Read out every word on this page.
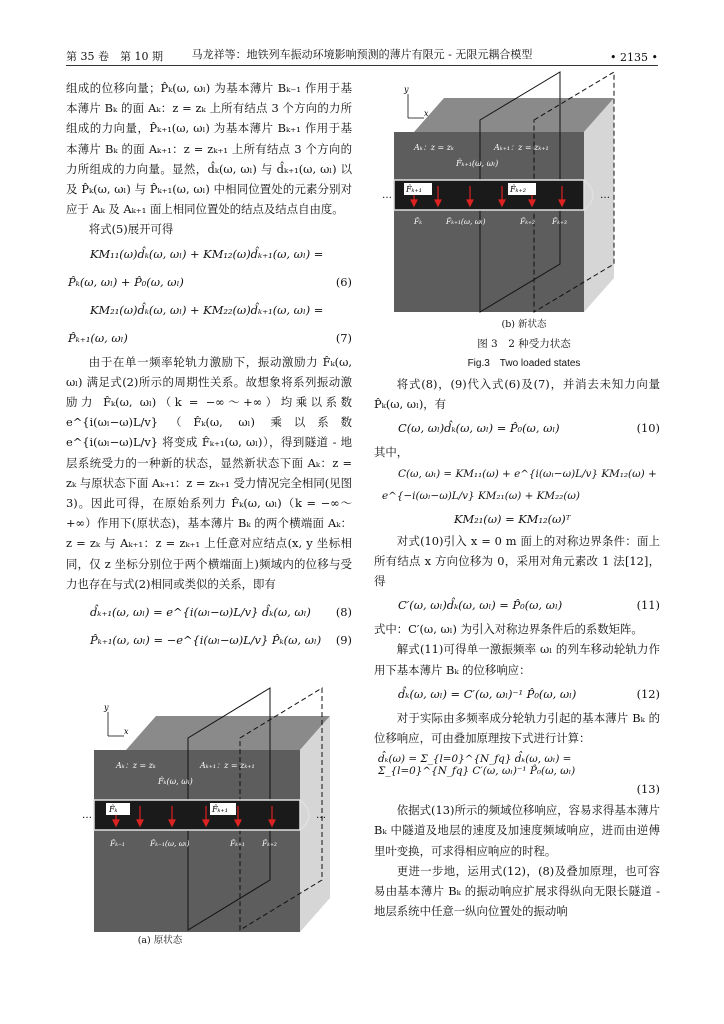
第 35 卷　第 10 期	马龙祥等：地铁列车振动环境影响预测的薄片有限元 - 无限元耦合模型	• 2135 •

组成的位移向量；P̂ₖ(ω, ωₗ) 为基本薄片 Bₖ₋₁ 作用于基本薄片 Bₖ 的面 Aₖ：z = zₖ 上所有结点 3 个方向的力所组成的力向量，P̂ₖ₊₁(ω, ωₗ) 为基本薄片 Bₖ₊₁ 作用于基本薄片 Bₖ 的面 Aₖ₊₁：z = zₖ₊₁ 上所有结点 3 个方向的力所组成的力向量。显然，d̂ₖ(ω, ωₗ) 与 d̂ₖ₊₁(ω, ωₗ) 以及 P̂ₖ(ω, ωₗ) 与 P̂ₖ₊₁(ω, ωₗ) 中相同位置处的元素分别对应于 Aₖ 及 Aₖ₊₁ 面上相同位置处的结点及结点自由度。

将式(5)展开可得

KM₁₁(ω)d̂ₖ(ω, ωₗ) + KM₁₂(ω)d̂ₖ₊₁(ω, ωₗ) =
P̂ₖ(ω, ωₗ) + P̂₀(ω, ωₗ)	(6)
KM₂₁(ω)d̂ₖ(ω, ωₗ) + KM₂₂(ω)d̂ₖ₊₁(ω, ωₗ) =
P̂ₖ₊₁(ω, ωₗ)	(7)

由于在单一频率轮轨力激励下，振动激励力 F̂ₖ(ω, ωₗ) 满足式(2)所示的周期性关系。故想象将系列振动激励力 F̂ₖ(ω, ωₗ)（k = −∞～+∞）均乘以系数 e^{i(ωₗ−ω)L/v}（F̂ₖ(ω, ωₗ) 乘以系数 e^{i(ωₗ−ω)L/v} 将变成 F̂ₖ₊₁(ω, ωₗ)），得到隧道 - 地层系统受力的一种新的状态，显然新状态下面 Aₖ：z = zₖ 与原状态下面 Aₖ₊₁：z = zₖ₊₁ 受力情况完全相同(见图 3)。因此可得，在原始系列力 F̂ₖ(ω, ωₗ)（k = −∞～+∞）作用下(原状态)，基本薄片 Bₖ 的两个横端面 Aₖ：z = zₖ 与 Aₖ₊₁：z = zₖ₊₁ 上任意对应结点(x, y 坐标相同，仅 z 坐标分别位于两个横端面上)频域内的位移与受力也存在与式(2)相同或类似的关系，即有

d̂ₖ₊₁(ω, ωₗ) = e^{i(ωₗ−ω)L/v} d̂ₖ(ω, ωₗ)	(8)
P̂ₖ₊₁(ω, ωₗ) = −e^{i(ωₗ−ω)L/v} P̂ₖ(ω, ωₗ)	(9)
F̂ₖ	F̂ₖ₊₁
y
x
Aₖ：z = zₖ	Aₖ₊₁：z = zₖ₊₁
F̂ₖ(ω, ωₗ)
…	…
F̂ₖ₋₁	F̂ₖ₋₁(ω, ωₗ)	F̂ₖ₊₁ F̂ₖ₊₂
(a) 原状态
F̂ₖ₊₁	F̂ₖ₊₂
y
x
Aₖ：z = zₖ	Aₖ₊₁：z = zₖ₊₁
F̂ₖ₊₁(ω, ωₗ)
…	…
F̂ₖ	F̂ₖ₊₁(ω, ωₗ)	F̂ₖ₊₂ F̂ₖ₊₃
(b) 新状态
图 3　2 种受力状态
Fig.3　Two loaded states

将式(8)，(9)代入式(6)及(7)，并消去未知力向量 P̂ₖ(ω, ωₗ)，有

C(ω, ωₗ)d̂ₖ(ω, ωₗ) = P̂₀(ω, ωₗ)	(10)

其中，

C(ω, ωₗ) = KM₁₁(ω) + e^{i(ωₗ−ω)L/v} KM₁₂(ω) +
e^{−i(ωₗ−ω)L/v} KM₂₁(ω) + KM₂₂(ω)
KM₂₁(ω) = KM₁₂(ω)ᵀ

对式(10)引入 x = 0 m 面上的对称边界条件：面上所有结点 x 方向位移为 0，采用对角元素改 1 法[12]，得

C′(ω, ωₗ)d̂ₖ(ω, ωₗ) = P̂₀(ω, ωₗ)	(11)

式中：C′(ω, ωₗ) 为引入对称边界条件后的系数矩阵。

解式(11)可得单一激振频率 ωₗ 的列车移动轮轨力作用下基本薄片 Bₖ 的位移响应：

d̂ₖ(ω, ωₗ) = C′(ω, ωₗ)⁻¹ P̂₀(ω, ωₗ)	(12)

对于实际由多频率成分轮轨力引起的基本薄片 Bₖ 的位移响应，可由叠加原理按下式进行计算：

d̂ₖ(ω) = Σ_{l=0}^{N_fq} d̂ₖ(ω, ωₗ) = Σ_{l=0}^{N_fq} C′(ω, ωₗ)⁻¹ P̂₀(ω, ωₗ)
(13)

依据式(13)所示的频域位移响应，容易求得基本薄片 Bₖ 中隧道及地层的速度及加速度频域响应，进而由逆傅里叶变换，可求得相应响应的时程。

更进一步地，运用式(12)，(8)及叠加原理，也可容易由基本薄片 Bₖ 的振动响应扩展求得纵向无限长隧道 - 地层系统中任意一纵向位置处的振动响
